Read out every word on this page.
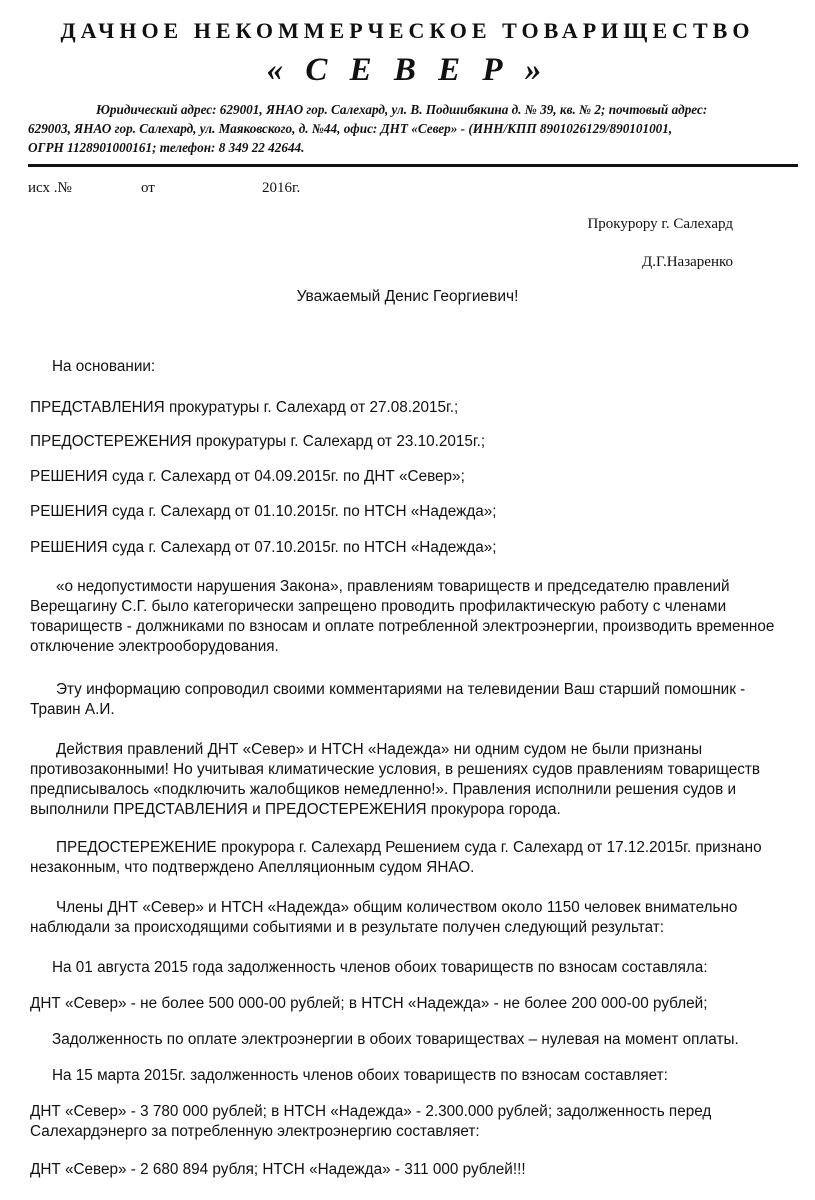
ДАЧНОЕ НЕКОММЕРЧЕСКОЕ ТОВАРИЩЕСТВО
« С Е В Е Р »
Юридический адрес: 629001, ЯНАО гор. Салехард, ул. В. Подшибякина д. № 39, кв. № 2; почтовый адрес:
629003, ЯНАО гор. Салехард, ул. Маяковского, д. №44, офис: ДНТ «Север» - (ИНН/КПП 8901026129/890101001,
ОГРН 1128901000161; телефон: 8 349 22 42644.
исх .№	от	2016г.
Прокурору г. Салехард
Д.Г.Назаренко
Уважаемый Денис Георгиевич!
На основании:
ПРЕДСТАВЛЕНИЯ прокуратуры г. Салехард от 27.08.2015г.;
ПРЕДОСТЕРЕЖЕНИЯ прокуратуры г. Салехард от 23.10.2015г.;
РЕШЕНИЯ суда г. Салехард от 04.09.2015г. по ДНТ «Север»;
РЕШЕНИЯ суда г. Салехард от 01.10.2015г. по НТСН «Надежда»;
РЕШЕНИЯ суда г. Салехард от 07.10.2015г. по НТСН «Надежда»;
«о недопустимости нарушения Закона», правлениям товариществ и председателю правлений Верещагину С.Г. было категорически запрещено проводить профилактическую работу с членами товариществ - должниками по взносам и оплате потребленной электроэнергии, производить временное отключение электрооборудования.
Эту информацию сопроводил своими комментариями на телевидении Ваш старший помошник - Травин А.И.
Действия правлений ДНТ «Север» и НТСН «Надежда» ни одним судом не были признаны противозаконными! Но учитывая климатические условия, в решениях судов правлениям товариществ предписывалось «подключить жалобщиков немедленно!». Правления исполнили решения судов и выполнили ПРЕДСТАВЛЕНИЯ и ПРЕДОСТЕРЕЖЕНИЯ прокурора города.
ПРЕДОСТЕРЕЖЕНИЕ прокурора г. Салехард Решением суда г. Салехард от 17.12.2015г. признано незаконным, что подтверждено Апелляционным судом ЯНАО.
Члены ДНТ «Север» и НТСН «Надежда» общим количеством около 1150 человек внимательно наблюдали за происходящими событиями и в результате получен следующий результат:
На 01 августа 2015 года задолженность членов обоих товариществ по взносам составляла:
ДНТ «Север» - не более 500 000-00 рублей; в НТСН «Надежда» - не более 200 000-00 рублей;
Задолженность по оплате электроэнергии в обоих товариществах – нулевая на момент оплаты.
На 15 марта 2015г. задолженность членов обоих товариществ по взносам составляет:
ДНТ «Север» - 3 780 000 рублей; в НТСН «Надежда» - 2.300.000 рублей; задолженность перед Салехардэнерго за потребленную электроэнергию составляет:
ДНТ «Север» - 2 680 894 рубля; НТСН «Надежда» - 311 000 рублей!!!
